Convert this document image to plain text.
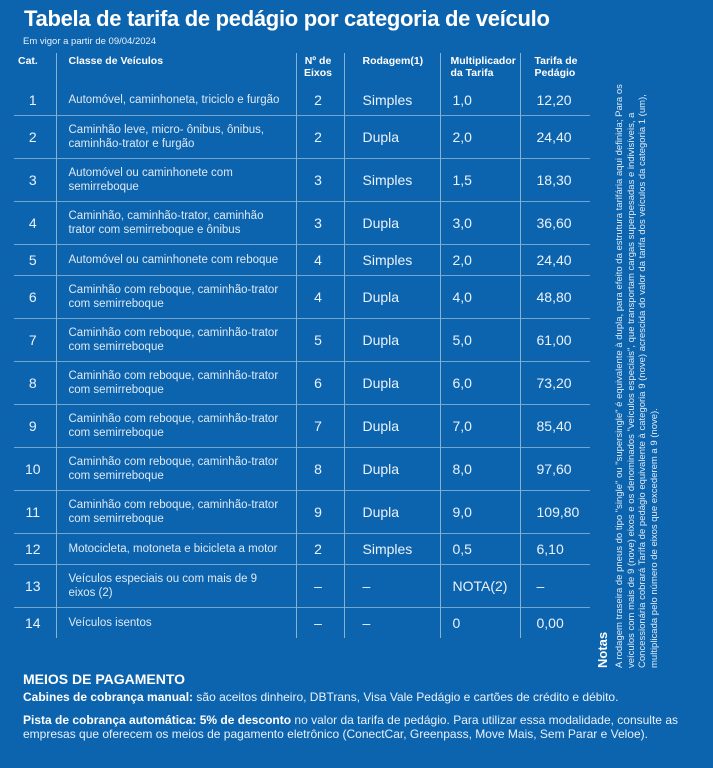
Tabela de tarifa de pedágio por categoria de veículo
Em vigor a partir de 09/04/2024
Cat.	Classe de Veículos	Nº de Eixos	Rodagem(1)	Multiplicador da Tarifa	Tarifa de Pedágio
1	Automóvel, caminhoneta, triciclo e furgão	2	Simples	1,0	12,20
2	Caminhão leve, micro- ônibus, ônibus, caminhão-trator e furgão	2	Dupla	2,0	24,40
3	Automóvel ou caminhonete com semirreboque	3	Simples	1,5	18,30
4	Caminhão, caminhão-trator, caminhão trator com semirreboque e ônibus	3	Dupla	3,0	36,60
5	Automóvel ou caminhonete com reboque	4	Simples	2,0	24,40
6	Caminhão com reboque, caminhão-trator com semirreboque	4	Dupla	4,0	48,80
7	Caminhão com reboque, caminhão-trator com semirreboque	5	Dupla	5,0	61,00
8	Caminhão com reboque, caminhão-trator com semirreboque	6	Dupla	6,0	73,20
9	Caminhão com reboque, caminhão-trator com semirreboque	7	Dupla	7,0	85,40
10	Caminhão com reboque, caminhão-trator com semirreboque	8	Dupla	8,0	97,60
11	Caminhão com reboque, caminhão-trator com semirreboque	9	Dupla	9,0	109,80
12	Motocicleta, motoneta e bicicleta a motor	2	Simples	0,5	6,10
13	Veículos especiais ou com mais de 9 eixos (2)	–	–	NOTA(2)	–
14	Veículos isentos	–	–	0	0,00
Notas A rodagem traseira de pneus do tipo "single" ou "supersingle" é equivalente à dupla, para efeito da estrutura tarifária aqui definida; Para os veículos com mais de 9 (nove) eixos e os denominados "veículos especiais", que transportam cargas superpesadas e indivisíveis, a Concessionária cobrará Tarifa de pedágio equivalente à categoria 9 (nove) acrescida do valor da tarifa dos veículos da categoria 1 (um), multiplicada pelo número de eixos que excederem a 9 (nove).
MEIOS DE PAGAMENTO

Cabines de cobrança manual: são aceitos dinheiro, DBTrans, Visa Vale Pedágio e cartões de crédito e débito.

Pista de cobrança automática: 5% de desconto no valor da tarifa de pedágio. Para utilizar essa modalidade, consulte as empresas que oferecem os meios de pagamento eletrônico (ConectCar, Greenpass, Move Mais, Sem Parar e Veloe).
